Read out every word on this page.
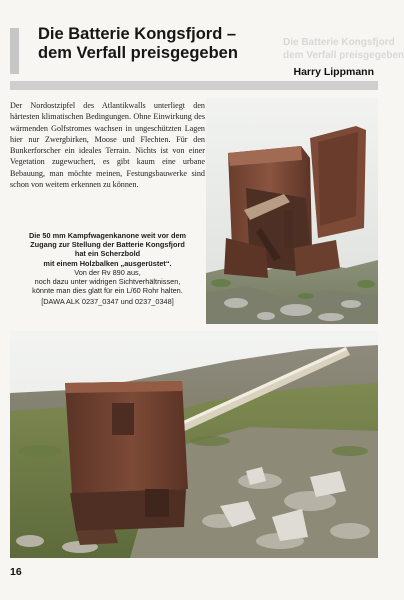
Die Batterie Kongsfjord –
dem Verfall preisgegeben
Die Batterie Kongsfjord
dem Verfall preisgegeben
Harry Lippmann

Der Nordostzipfel des Atlantikwalls unterliegt den härtesten klimatischen Bedingungen. Ohne Einwirkung des wärmenden Golfstromes wachsen in ungeschützten Lagen hier nur Zwergbirken, Moose und Flechten. Für den Bunkerforscher ein ideales Terrain. Nichts ist von einer Vegetation zugewuchert, es gibt kaum eine urbane Bebauung, man möchte meinen, Festungsbauwerke sind schon von weitem erkennen zu können.

Die 50 mm Kampfwagenkanone weit vor dem
Zugang zur Stellung der Batterie Kongsfjord
hat ein Scherzbold
mit einem Holzbalken „ausgerüstet“.
Von der Rv 890 aus,
noch dazu unter widrigen Sichtverhältnissen,
könnte man dies glatt für ein L/60 Rohr halten.
[DAWA ALK 0237_0347 und 0237_0348]
16
